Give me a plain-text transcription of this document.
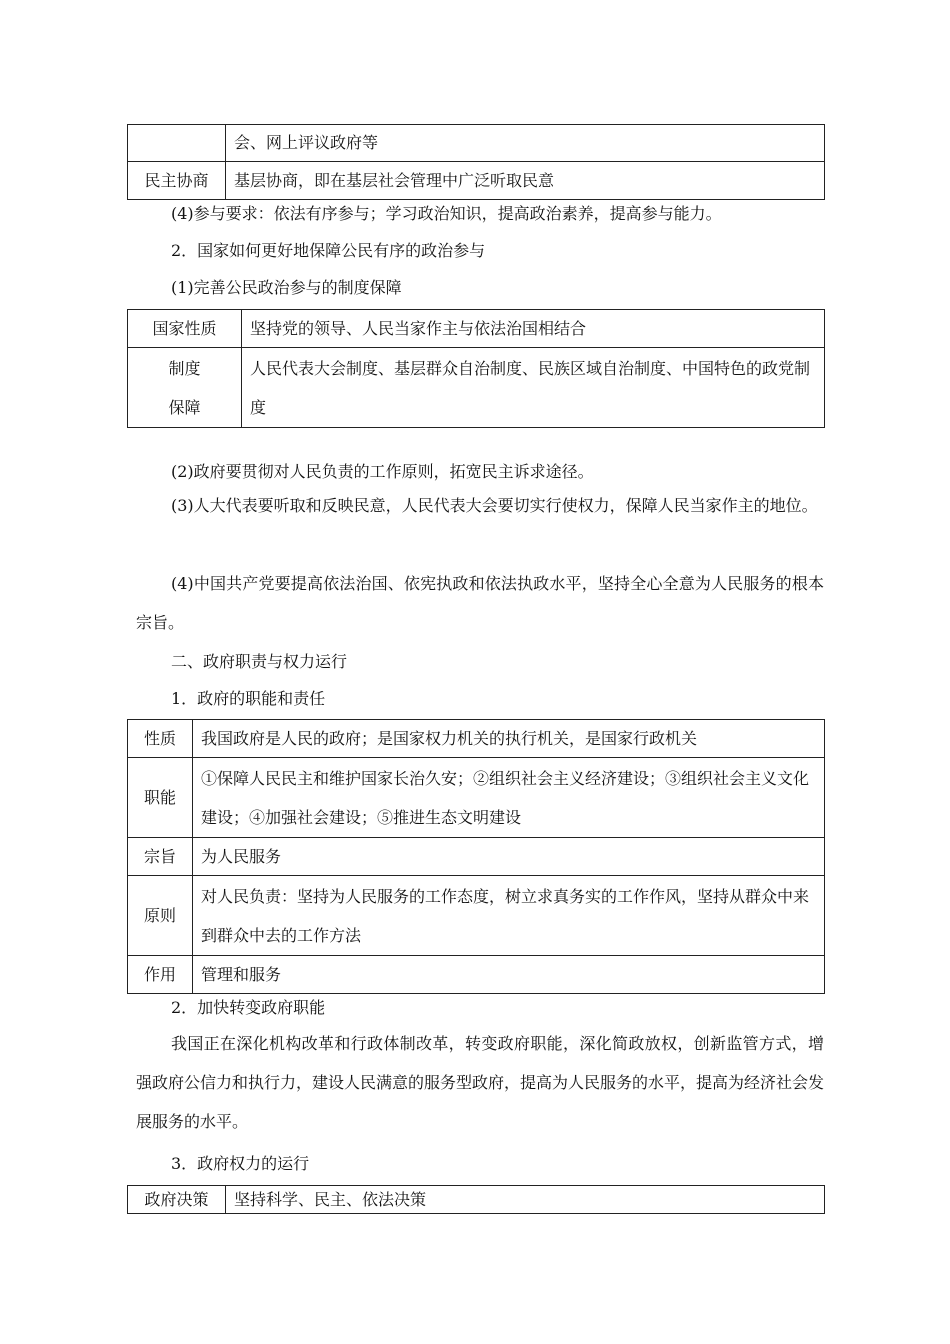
	会、网上评议政府等
民主协商	基层协商，即在基层社会管理中广泛听取民意

(4)参与要求：依法有序参与；学习政治知识，提高政治素养，提高参与能力。

2．国家如何更好地保障公民有序的政治参与

(1)完善公民政治参与的制度保障

国家性质	坚持党的领导、人民当家作主与依法治国相结合

制度
保障	人民代表大会制度、基层群众自治制度、民族区域自治制度、中国特色的政党制度

(2)政府要贯彻对人民负责的工作原则，拓宽民主诉求途径。

(3)人大代表要听取和反映民意，人民代表大会要切实行使权力，保障人民当家作主的地位。

(4)中国共产党要提高依法治国、依宪执政和依法执政水平，坚持全心全意为人民服务的根本宗旨。

二、政府职责与权力运行

1．政府的职能和责任

性质	我国政府是人民的政府；是国家权力机关的执行机关，是国家行政机关
职能	①保障人民民主和维护国家长治久安；②组织社会主义经济建设；③组织社会主义文化建设；④加强社会建设；⑤推进生态文明建设
宗旨	为人民服务
原则	对人民负责：坚持为人民服务的工作态度，树立求真务实的工作作风，坚持从群众中来到群众中去的工作方法
作用	管理和服务

2．加快转变政府职能

我国正在深化机构改革和行政体制改革，转变政府职能，深化简政放权，创新监管方式，增强政府公信力和执行力，建设人民满意的服务型政府，提高为人民服务的水平，提高为经济社会发展服务的水平。

3．政府权力的运行

政府决策	坚持科学、民主、依法决策
